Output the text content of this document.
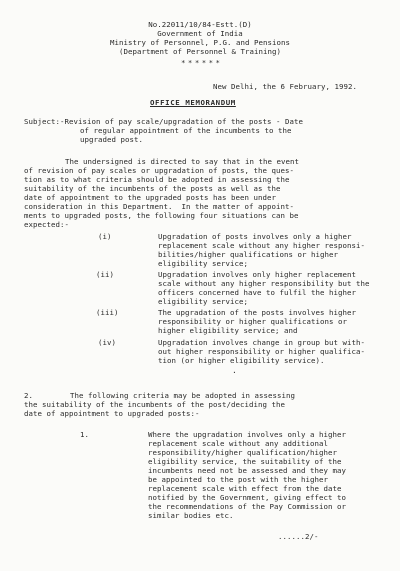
No.22011/10/84-Estt.(D)
Government of India
Ministry of Personnel, P.G. and Pensions
(Department of Personnel & Training)
* * * * * *
New Delhi, the 6 February, 1992.
OFFICE MEMORANDUM
Subject:-Revision of pay scale/upgradation of the posts - Date
of regular appointment of the incumbents to the
upgraded post.
The undersigned is directed to say that in the event
of revision of pay scales or upgradation of posts, the ques-
tion as to what criteria should be adopted in assessing the
suitability of the incumbents of the posts as well as the
date of appointment to the upgraded posts has been under
consideration in this Department.  In the matter of appoint-
ments to upgraded posts, the following four situations can be
expected:-
(i)	Upgradation of posts involves only a higher
replacement scale without any higher responsi-
bilities/higher qualifications or higher
eligibility service;
(ii)	Upgradation involves only higher replacement
scale without any higher responsibility but the
officers concerned have to fulfil the higher
eligibility service;
(iii)	The upgradation of the posts involves higher
responsibility or higher qualifications or
higher eligibility service; and
(iv)	Upgradation involves change in group but with-
out higher responsibility or higher qualifica-
tion (or higher eligibility service).
·
2.	The following criteria may be adopted in assessing
the suitability of the incumbents of the post/deciding the
date of appointment to upgraded posts:-
1.	Where the upgradation involves only a higher
replacement scale without any additional
responsibility/higher qualification/higher
eligibility service, the suitability of the
incumbents need not be assessed and they may
be appointed to the post with the higher
replacement scale with effect from the date
notified by the Government, giving effect to
the recommendations of the Pay Commission or
similar bodies etc.
......2/-
